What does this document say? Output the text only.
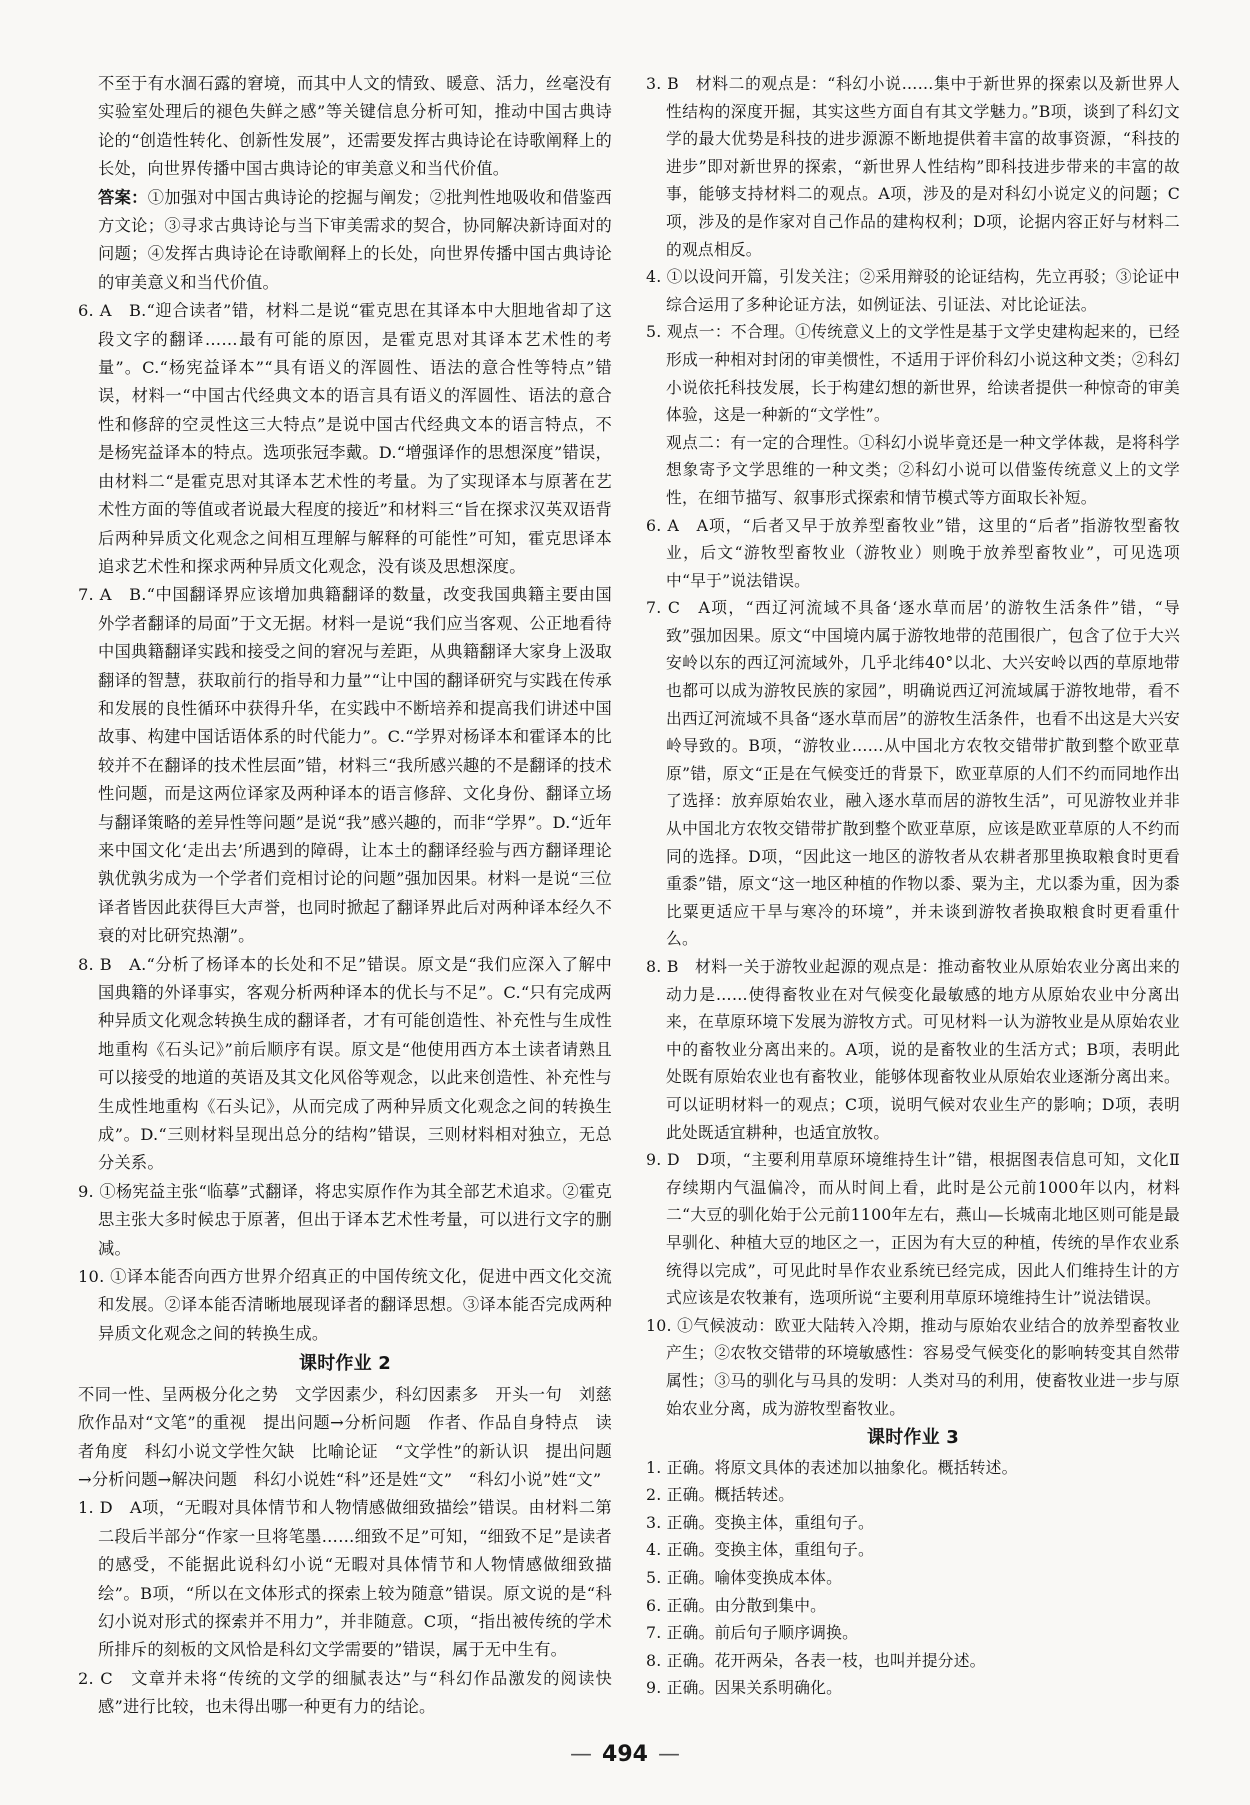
不至于有水涸石露的窘境，而其中人文的情致、暖意、活力，丝毫没有实验室处理后的褪色失鲜之感”等关键信息分析可知，推动中国古典诗论的“创造性转化、创新性发展”，还需要发挥古典诗论在诗歌阐释上的长处，向世界传播中国古典诗论的审美意义和当代价值。

答案：①加强对中国古典诗论的挖掘与阐发；②批判性地吸收和借鉴西方文论；③寻求古典诗论与当下审美需求的契合，协同解决新诗面对的问题；④发挥古典诗论在诗歌阐释上的长处，向世界传播中国古典诗论的审美意义和当代价值。

6. A　B.“迎合读者”错，材料二是说“霍克思在其译本中大胆地省却了这段文字的翻译……最有可能的原因，是霍克思对其译本艺术性的考量”。C.“杨宪益译本”“具有语义的浑圆性、语法的意合性等特点”错误，材料一“中国古代经典文本的语言具有语义的浑圆性、语法的意合性和修辞的空灵性这三大特点”是说中国古代经典文本的语言特点，不是杨宪益译本的特点。选项张冠李戴。D.“增强译作的思想深度”错误，由材料二“是霍克思对其译本艺术性的考量。为了实现译本与原著在艺术性方面的等值或者说最大程度的接近”和材料三“旨在探求汉英双语背后两种异质文化观念之间相互理解与解释的可能性”可知，霍克思译本追求艺术性和探求两种异质文化观念，没有谈及思想深度。

7. A　B.“中国翻译界应该增加典籍翻译的数量，改变我国典籍主要由国外学者翻译的局面”于文无据。材料一是说“我们应当客观、公正地看待中国典籍翻译实践和接受之间的窘况与差距，从典籍翻译大家身上汲取翻译的智慧，获取前行的指导和力量”“让中国的翻译研究与实践在传承和发展的良性循环中获得升华，在实践中不断培养和提高我们讲述中国故事、构建中国话语体系的时代能力”。C.“学界对杨译本和霍译本的比较并不在翻译的技术性层面”错，材料三“我所感兴趣的不是翻译的技术性问题，而是这两位译家及两种译本的语言修辞、文化身份、翻译立场与翻译策略的差异性等问题”是说“我”感兴趣的，而非“学界”。D.“近年来中国文化‘走出去’所遇到的障碍，让本土的翻译经验与西方翻译理论孰优孰劣成为一个学者们竞相讨论的问题”强加因果。材料一是说“三位译者皆因此获得巨大声誉，也同时掀起了翻译界此后对两种译本经久不衰的对比研究热潮”。

8. B　A.“分析了杨译本的长处和不足”错误。原文是“我们应深入了解中国典籍的外译事实，客观分析两种译本的优长与不足”。C.“只有完成两种异质文化观念转换生成的翻译者，才有可能创造性、补充性与生成性地重构《石头记》”前后顺序有误。原文是“他使用西方本土读者请熟且可以接受的地道的英语及其文化风俗等观念，以此来创造性、补充性与生成性地重构《石头记》，从而完成了两种异质文化观念之间的转换生成”。D.“三则材料呈现出总分的结构”错误，三则材料相对独立，无总分关系。

9. ①杨宪益主张“临摹”式翻译，将忠实原作作为其全部艺术追求。②霍克思主张大多时候忠于原著，但出于译本艺术性考量，可以进行文字的删减。

10. ①译本能否向西方世界介绍真正的中国传统文化，促进中西文化交流和发展。②译本能否清晰地展现译者的翻译思想。③译本能否完成两种异质文化观念之间的转换生成。

课时作业 2

不同一性、呈两极分化之势　文学因素少，科幻因素多　开头一句　刘慈欣作品对“文笔”的重视　提出问题→分析问题　作者、作品自身特点　读者角度　科幻小说文学性欠缺　比喻论证　“文学性”的新认识　提出问题→分析问题→解决问题　科幻小说姓“科”还是姓“文”　“科幻小说”姓“文”

1. D　A项，“无暇对具体情节和人物情感做细致描绘”错误。由材料二第二段后半部分“作家一旦将笔墨……细致不足”可知，“细致不足”是读者的感受，不能据此说科幻小说“无暇对具体情节和人物情感做细致描绘”。B项，“所以在文体形式的探索上较为随意”错误。原文说的是“科幻小说对形式的探索并不用力”，并非随意。C项，“指出被传统的学术所排斥的刻板的文风恰是科幻文学需要的”错误，属于无中生有。

2. C　文章并未将“传统的文学的细腻表达”与“科幻作品激发的阅读快感”进行比较，也未得出哪一种更有力的结论。

3. B　材料二的观点是：“科幻小说……集中于新世界的探索以及新世界人性结构的深度开掘，其实这些方面自有其文学魅力。”B项，谈到了科幻文学的最大优势是科技的进步源源不断地提供着丰富的故事资源，“科技的进步”即对新世界的探索，“新世界人性结构”即科技进步带来的丰富的故事，能够支持材料二的观点。A项，涉及的是对科幻小说定义的问题；C项，涉及的是作家对自己作品的建构权利；D项，论据内容正好与材料二的观点相反。

4. ①以设问开篇，引发关注；②采用辩驳的论证结构，先立再驳；③论证中综合运用了多种论证方法，如例证法、引证法、对比论证法。

5. 观点一：不合理。①传统意义上的文学性是基于文学史建构起来的，已经形成一种相对封闭的审美惯性，不适用于评价科幻小说这种文类；②科幻小说依托科技发展，长于构建幻想的新世界，给读者提供一种惊奇的审美体验，这是一种新的“文学性”。

观点二：有一定的合理性。①科幻小说毕竟还是一种文学体裁，是将科学想象寄予文学思维的一种文类；②科幻小说可以借鉴传统意义上的文学性，在细节描写、叙事形式探索和情节模式等方面取长补短。

6. A　A项，“后者又早于放养型畜牧业”错，这里的“后者”指游牧型畜牧业，后文“游牧型畜牧业（游牧业）则晚于放养型畜牧业”，可见选项中“早于”说法错误。

7. C　A项，“西辽河流域不具备‘逐水草而居’的游牧生活条件”错，“导致”强加因果。原文“中国境内属于游牧地带的范围很广，包含了位于大兴安岭以东的西辽河流域外，几乎北纬40°以北、大兴安岭以西的草原地带也都可以成为游牧民族的家园”，明确说西辽河流域属于游牧地带，看不出西辽河流域不具备“逐水草而居”的游牧生活条件，也看不出这是大兴安岭导致的。B项，“游牧业……从中国北方农牧交错带扩散到整个欧亚草原”错，原文“正是在气候变迁的背景下，欧亚草原的人们不约而同地作出了选择：放弃原始农业，融入逐水草而居的游牧生活”，可见游牧业并非从中国北方农牧交错带扩散到整个欧亚草原，应该是欧亚草原的人不约而同的选择。D项，“因此这一地区的游牧者从农耕者那里换取粮食时更看重黍”错，原文“这一地区种植的作物以黍、粟为主，尤以黍为重，因为黍比粟更适应干旱与寒冷的环境”，并未谈到游牧者换取粮食时更看重什么。

8. B　材料一关于游牧业起源的观点是：推动畜牧业从原始农业分离出来的动力是……使得畜牧业在对气候变化最敏感的地方从原始农业中分离出来，在草原环境下发展为游牧方式。可见材料一认为游牧业是从原始农业中的畜牧业分离出来的。A项，说的是畜牧业的生活方式；B项，表明此处既有原始农业也有畜牧业，能够体现畜牧业从原始农业逐渐分离出来。可以证明材料一的观点；C项，说明气候对农业生产的影响；D项，表明此处既适宜耕种，也适宜放牧。

9. D　D项，“主要利用草原环境维持生计”错，根据图表信息可知，文化Ⅱ存续期内气温偏冷，而从时间上看，此时是公元前1000年以内，材料二“大豆的驯化始于公元前1100年左右，燕山—长城南北地区则可能是最早驯化、种植大豆的地区之一，正因为有大豆的种植，传统的旱作农业系统得以完成”，可见此时旱作农业系统已经完成，因此人们维持生计的方式应该是农牧兼有，选项所说“主要利用草原环境维持生计”说法错误。

10. ①气候波动：欧亚大陆转入冷期，推动与原始农业结合的放养型畜牧业产生；②农牧交错带的环境敏感性：容易受气候变化的影响转变其自然带属性；③马的驯化与马具的发明：人类对马的利用，使畜牧业进一步与原始农业分离，成为游牧型畜牧业。

课时作业 3

1. 正确。将原文具体的表述加以抽象化。概括转述。

2. 正确。概括转述。

3. 正确。变换主体，重组句子。

4. 正确。变换主体，重组句子。

5. 正确。喻体变换成本体。

6. 正确。由分散到集中。

7. 正确。前后句子顺序调换。

8. 正确。花开两朵，各表一枝，也叫并提分述。

9. 正确。因果关系明确化。

— 494 —
